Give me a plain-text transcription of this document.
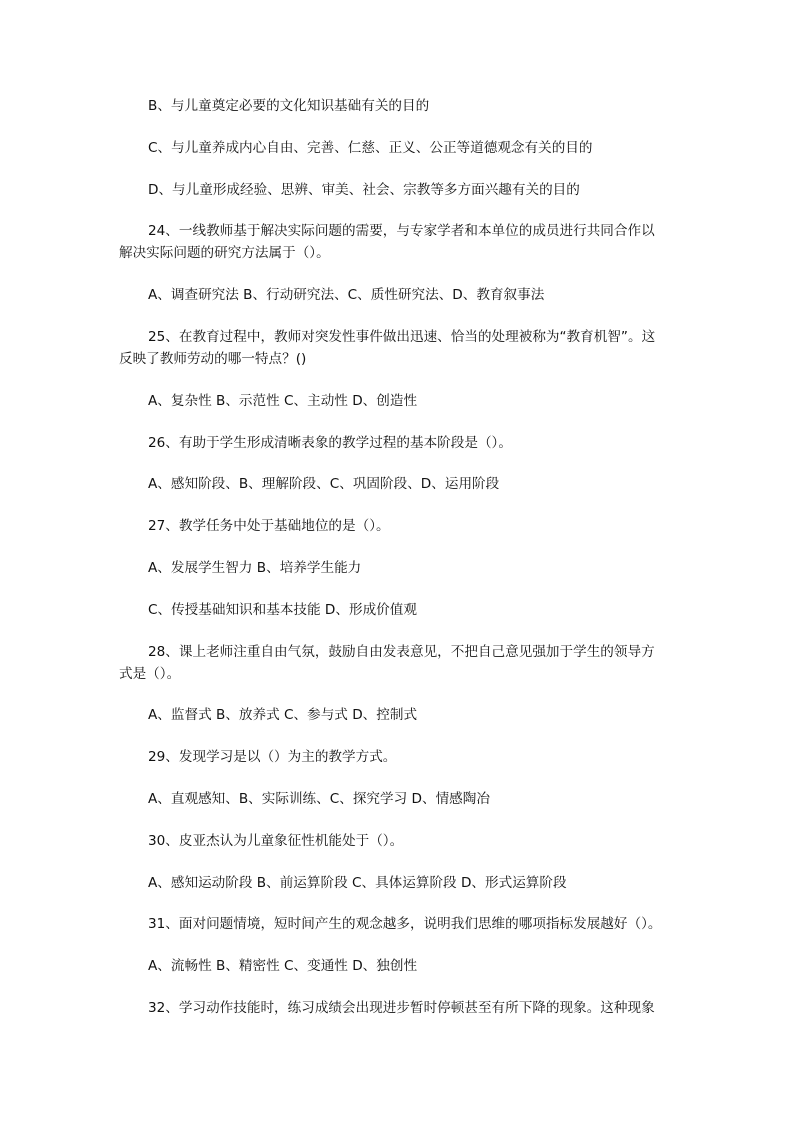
B、与儿童奠定必要的文化知识基础有关的目的

C、与儿童养成内心自由、完善、仁慈、正义、公正等道德观念有关的目的

D、与儿童形成经验、思辨、审美、社会、宗教等多方面兴趣有关的目的

24、一线教师基于解决实际问题的需要，与专家学者和本单位的成员进行共同合作以
解决实际问题的研究方法属于（）。

A、调查研究法 B、行动研究法、C、质性研究法、D、教育叙事法

25、在教育过程中，教师对突发性事件做出迅速、恰当的处理被称为“教育机智”。这
反映了教师劳动的哪一特点？()

A、复杂性 B、示范性 C、主动性 D、创造性

26、有助于学生形成清晰表象的教学过程的基本阶段是（）。

A、感知阶段、B、理解阶段、C、巩固阶段、D、运用阶段

27、教学任务中处于基础地位的是（）。

A、发展学生智力 B、培养学生能力

C、传授基础知识和基本技能 D、形成价值观

28、课上老师注重自由气氛，鼓励自由发表意见，不把自己意见强加于学生的领导方
式是（）。

A、监督式 B、放养式 C、参与式 D、控制式

29、发现学习是以（）为主的教学方式。

A、直观感知、B、实际训练、C、探究学习 D、情感陶冶

30、皮亚杰认为儿童象征性机能处于（）。

A、感知运动阶段 B、前运算阶段 C、具体运算阶段 D、形式运算阶段

31、面对问题情境，短时间产生的观念越多，说明我们思维的哪项指标发展越好（）。

A、流畅性 B、精密性 C、变通性 D、独创性

32、学习动作技能时，练习成绩会出现进步暂时停顿甚至有所下降的现象。这种现象
